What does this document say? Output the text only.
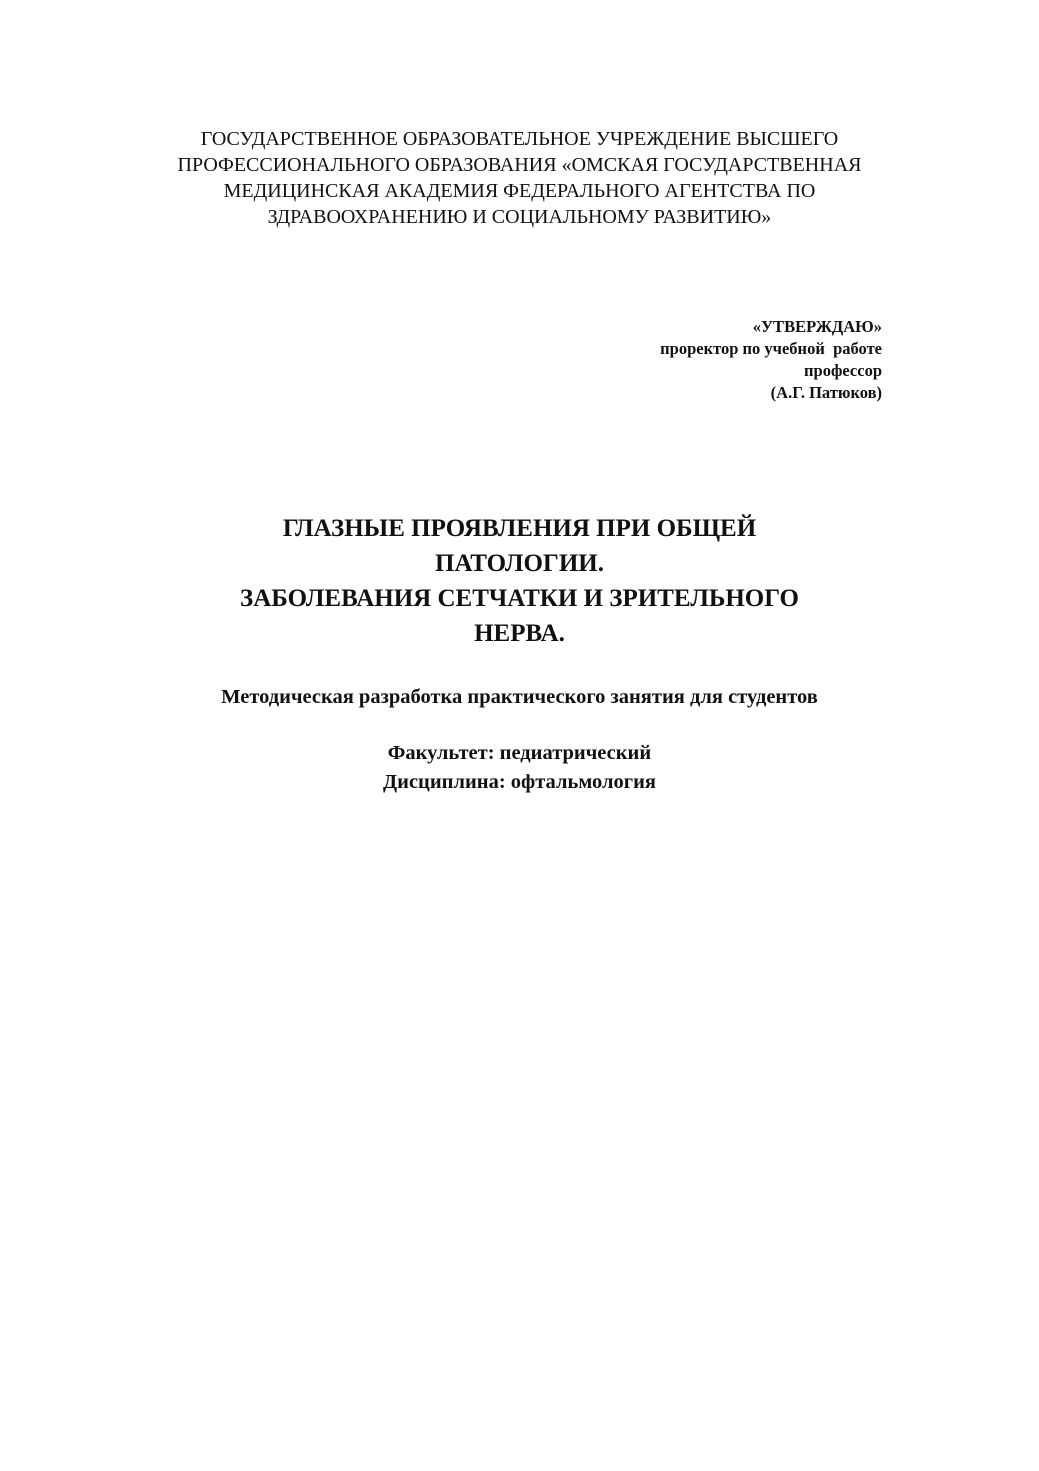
ГОСУДАРСТВЕННОЕ ОБРАЗОВАТЕЛЬНОЕ УЧРЕЖДЕНИЕ ВЫСШЕГО
ПРОФЕССИОНАЛЬНОГО ОБРАЗОВАНИЯ «ОМСКАЯ ГОСУДАРСТВЕННАЯ
МЕДИЦИНСКАЯ АКАДЕМИЯ ФЕДЕРАЛЬНОГО АГЕНТСТВА ПО
ЗДРАВООХРАНЕНИЮ И СОЦИАЛЬНОМУ РАЗВИТИЮ»
«УТВЕРЖДАЮ»
проректор по учебной  работе
профессор
(А.Г. Патюков)
ГЛАЗНЫЕ ПРОЯВЛЕНИЯ ПРИ ОБЩЕЙ
ПАТОЛОГИИ.
ЗАБОЛЕВАНИЯ СЕТЧАТКИ И ЗРИТЕЛЬНОГО
НЕРВА.
Методическая разработка практического занятия для студентов
Факультет: педиатрический
Дисциплина: офтальмология
